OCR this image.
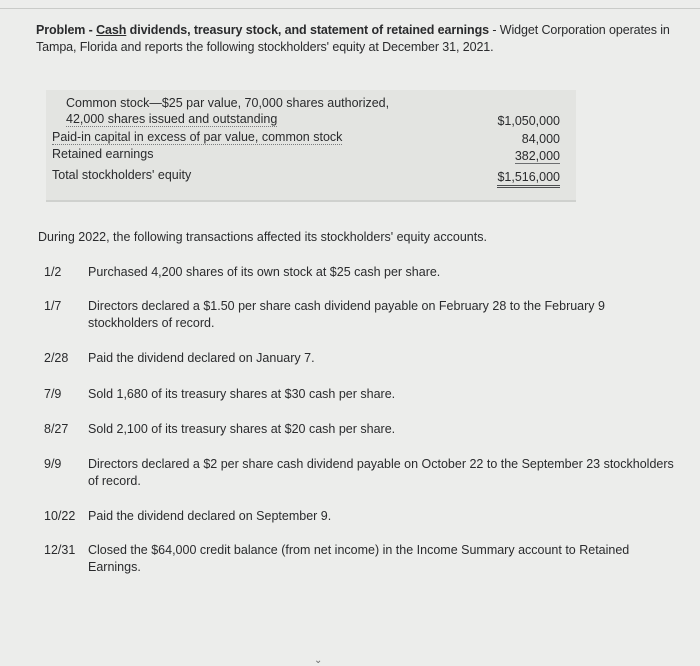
Problem - Cash dividends, treasury stock, and statement of retained earnings - Widget Corporation operates in Tampa, Florida and reports the following stockholders' equity at December 31, 2021.
Common stock—$25 par value, 70,000 shares authorized,
42,000 shares issued and outstanding	$1,050,000
Paid-in capital in excess of par value, common stock	84,000
Retained earnings	382,000
Total stockholders' equity	$1,516,000
During 2022, the following transactions affected its stockholders' equity accounts.
1/2	Purchased 4,200 shares of its own stock at $25 cash per share.
1/7	Directors declared a $1.50 per share cash dividend payable on February 28 to the February 9 stockholders of record.
2/28	Paid the dividend declared on January 7.
7/9	Sold 1,680 of its treasury shares at $30 cash per share.
8/27	Sold 2,100 of its treasury shares at $20 cash per share.
9/9	Directors declared a $2 per share cash dividend payable on October 22 to the September 23 stockholders of record.
10/22 Paid the dividend declared on September 9.
12/31 Closed the $64,000 credit balance (from net income) in the Income Summary account to Retained Earnings.
⌄
